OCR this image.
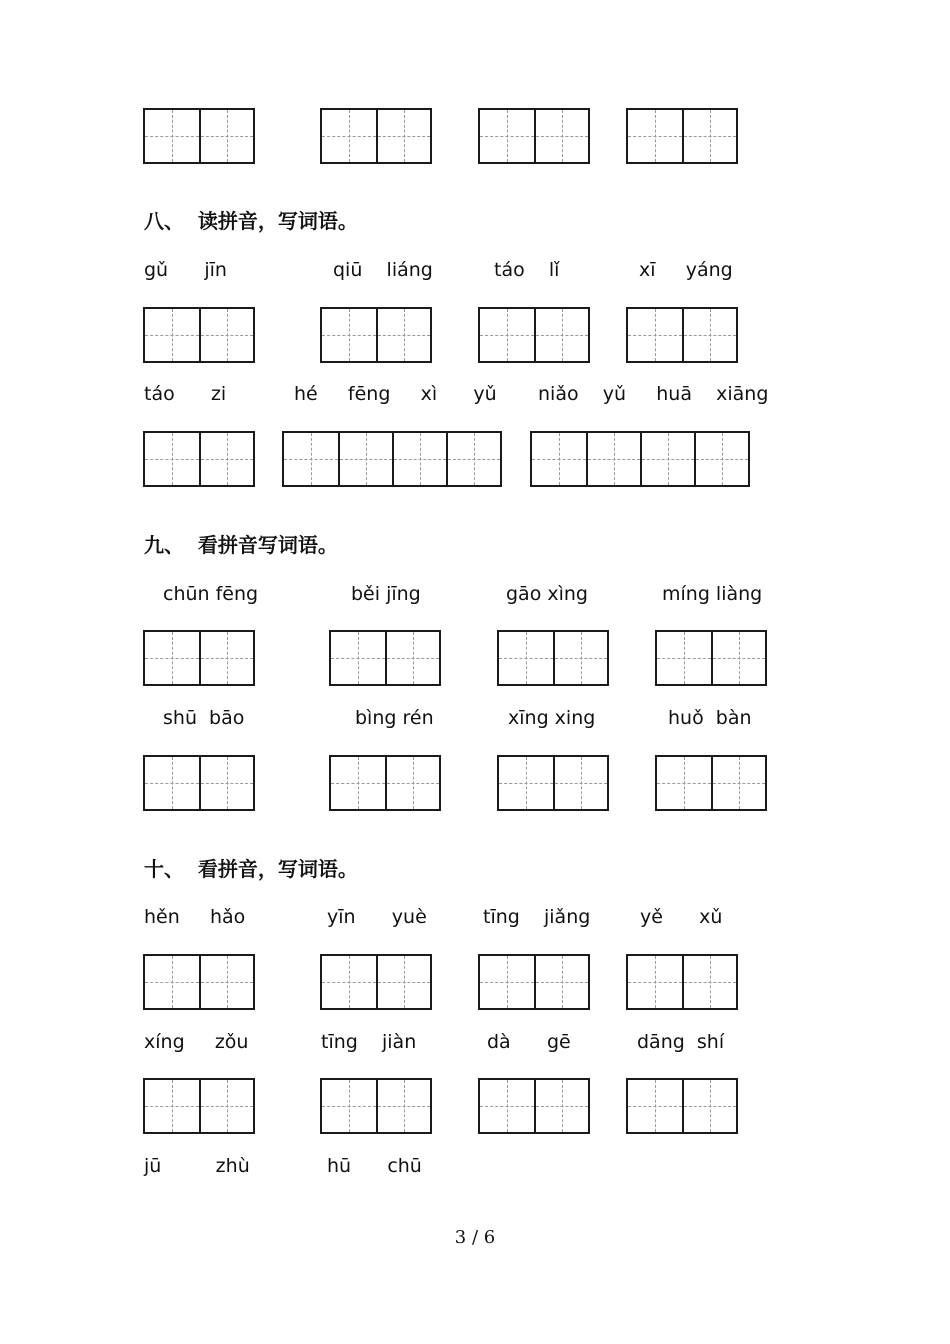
八、  读拼音，写词语。
gǔ      jīn	qiū    liáng	táo    lǐ	xī     yáng
táo      zi	hé     fēng     xì      yǔ niǎo    yǔ     huā    xiāng
九、  看拼音写词语。
chūn fēng	běi jīng	gāo xìng	míng liàng
shū  bāo	bìng rén	xīng xing	huǒ  bàn
十、  看拼音，写词语。
hěn     hǎo	yīn      yuè	tīng    jiǎng	yě      xǔ
xíng     zǒu	tīng    jiàn	dà      gē	dāng  shí
jū         zhù	hū      chū
3 / 6
